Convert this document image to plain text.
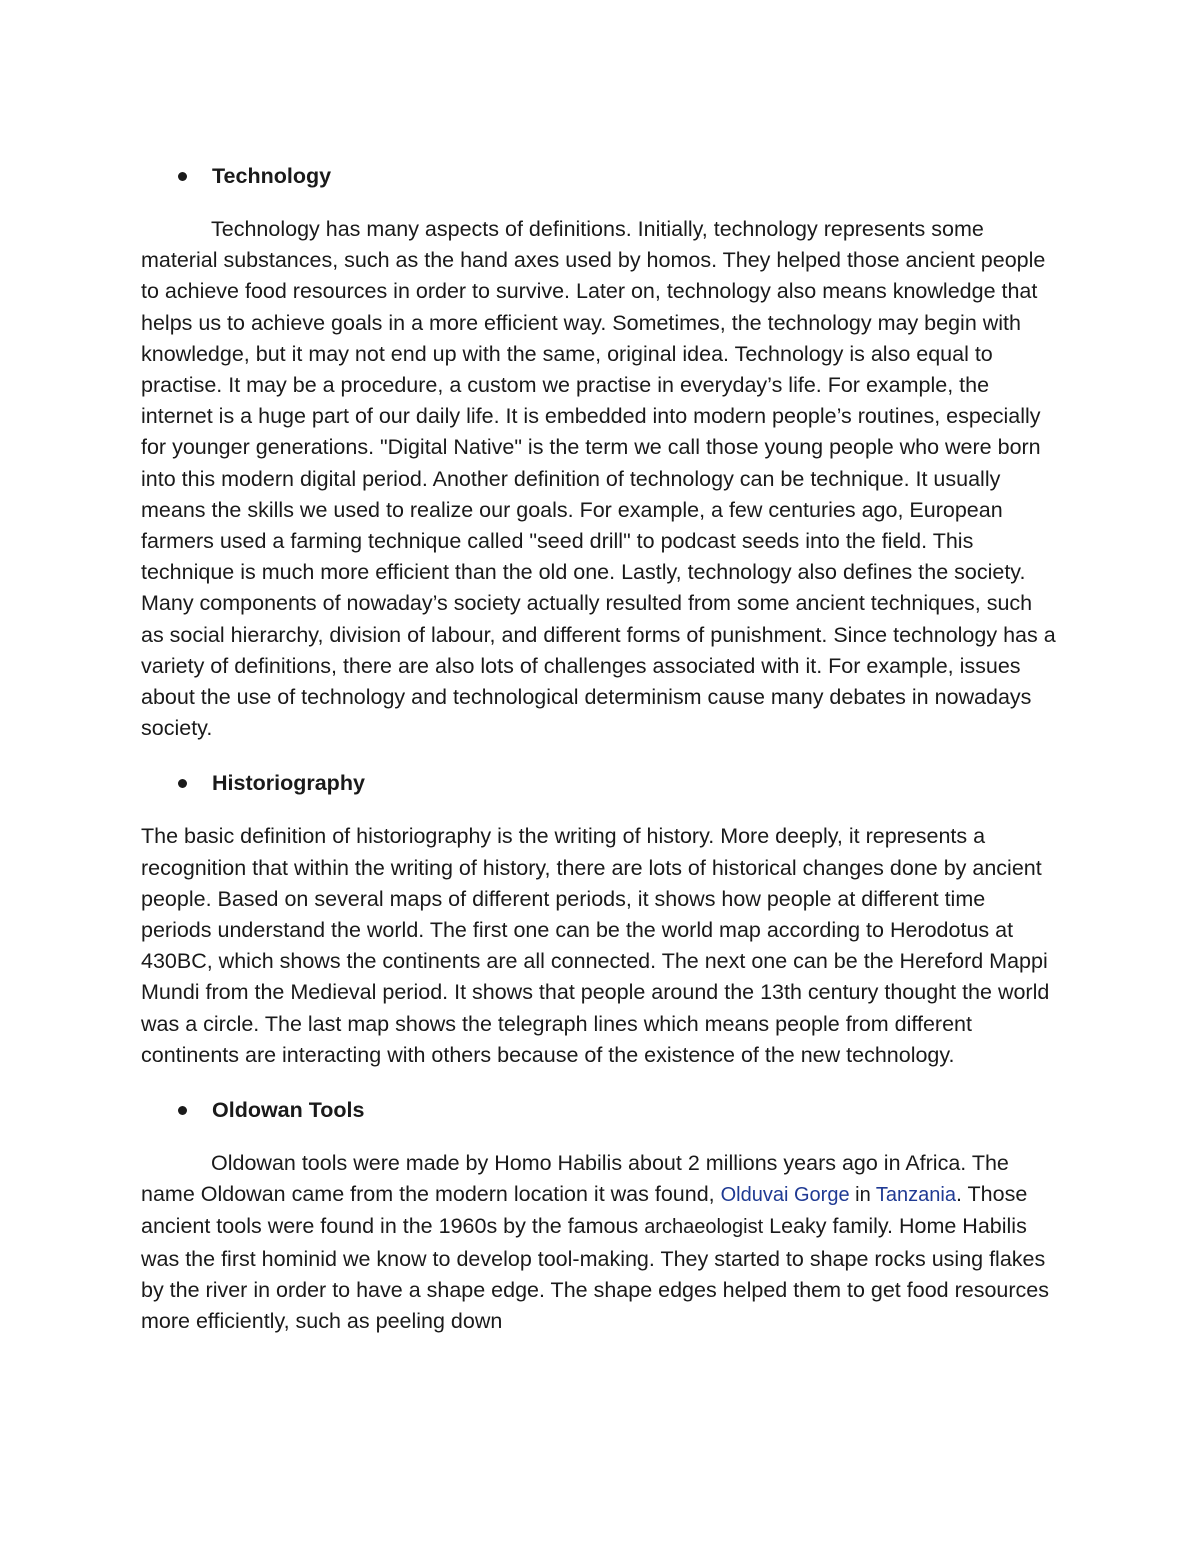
Technology

Technology has many aspects of definitions. Initially, technology represents some material substances, such as the hand axes used by homos. They helped those ancient people to achieve food resources in order to survive. Later on, technology also means knowledge that helps us to achieve goals in a more efficient way. Sometimes, the technology may begin with knowledge, but it may not end up with the same, original idea. Technology is also equal to practise. It may be a procedure, a custom we practise in everyday’s life. For example, the internet is a huge part of our daily life. It is embedded into modern people’s routines, especially for younger generations. "Digital Native" is the term we call those young people who were born into this modern digital period. Another definition of technology can be technique. It usually means the skills we used to realize our goals. For example, a few centuries ago, European farmers used a farming technique called "seed drill" to podcast seeds into the field. This technique is much more efficient than the old one. Lastly, technology also defines the society. Many components of nowaday’s society actually resulted from some ancient techniques, such as social hierarchy, division of labour, and different forms of punishment. Since technology has a variety of definitions, there are also lots of challenges associated with it. For example, issues about the use of technology and technological determinism cause many debates in nowadays society.

Historiography

The basic definition of historiography is the writing of history. More deeply, it represents a recognition that within the writing of history, there are lots of historical changes done by ancient people. Based on several maps of different periods, it shows how people at different time periods understand the world. The first one can be the world map according to Herodotus at 430BC, which shows the continents are all connected. The next one can be the Hereford Mappi Mundi from the Medieval period. It shows that people around the 13th century thought the world was a circle. The last map shows the telegraph lines which means people from different continents are interacting with others because of the existence of the new technology.

Oldowan Tools

Oldowan tools were made by Homo Habilis about 2 millions years ago in Africa. The name Oldowan came from the modern location it was found, Olduvai Gorge in Tanzania. Those ancient tools were found in the 1960s by the famous archaeologist Leaky family. Home Habilis was the first hominid we know to develop tool-making. They started to shape rocks using flakes by the river in order to have a shape edge. The shape edges helped them to get food resources more efficiently, such as peeling down
